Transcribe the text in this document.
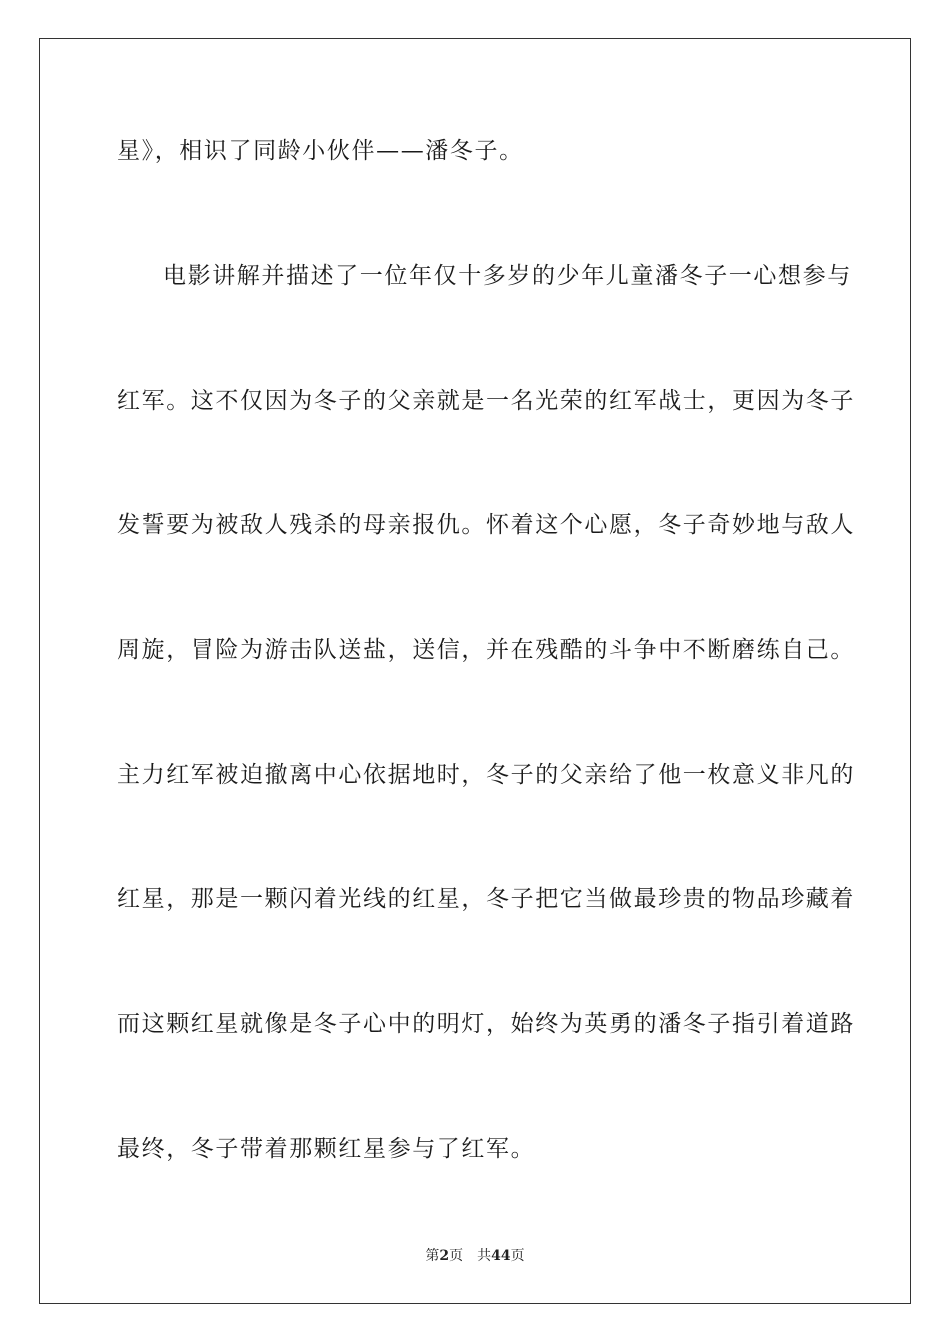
星》，相识了同龄小伙伴——潘冬子。
电影讲解并描述了一位年仅十多岁的少年儿童潘冬子一心想参与
红军。这不仅因为冬子的父亲就是一名光荣的红军战士，更因为冬子
发誓要为被敌人残杀的母亲报仇。怀着这个心愿，冬子奇妙地与敌人
周旋，冒险为游击队送盐，送信，并在残酷的斗争中不断磨练自己。
主力红军被迫撤离中心依据地时，冬子的父亲给了他一枚意义非凡的
红星，那是一颗闪着光线的红星，冬子把它当做最珍贵的物品珍藏着
而这颗红星就像是冬子心中的明灯，始终为英勇的潘冬子指引着道路
最终，冬子带着那颗红星参与了红军。
第2页 共44页
